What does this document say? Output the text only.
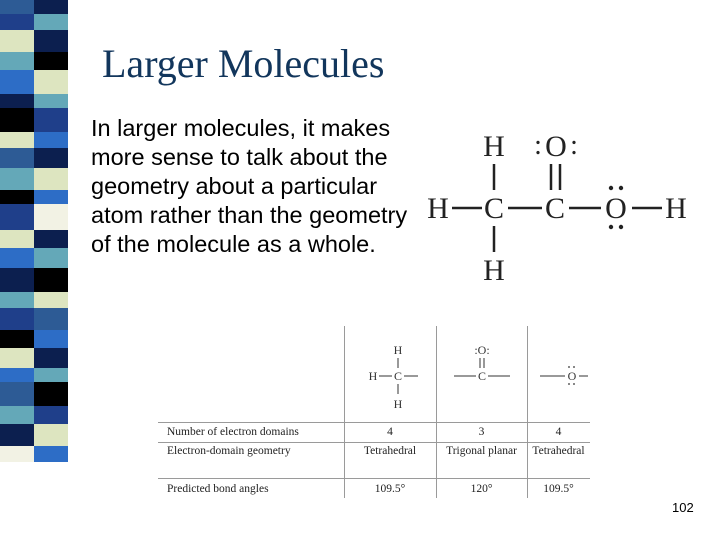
Larger Molecules

In larger molecules, it makes more sense to talk about the geometry about a particular atom rather than the geometry of the molecule as a whole.

H : O :
H C C O H
H
H
H C
H
:O:
C	O
Number of electron domains	4	3	4
Electron-domain geometry	Tetrahedral	Trigonal planar	Tetrahedral
Predicted bond angles	109.5°	120°	109.5°
102
